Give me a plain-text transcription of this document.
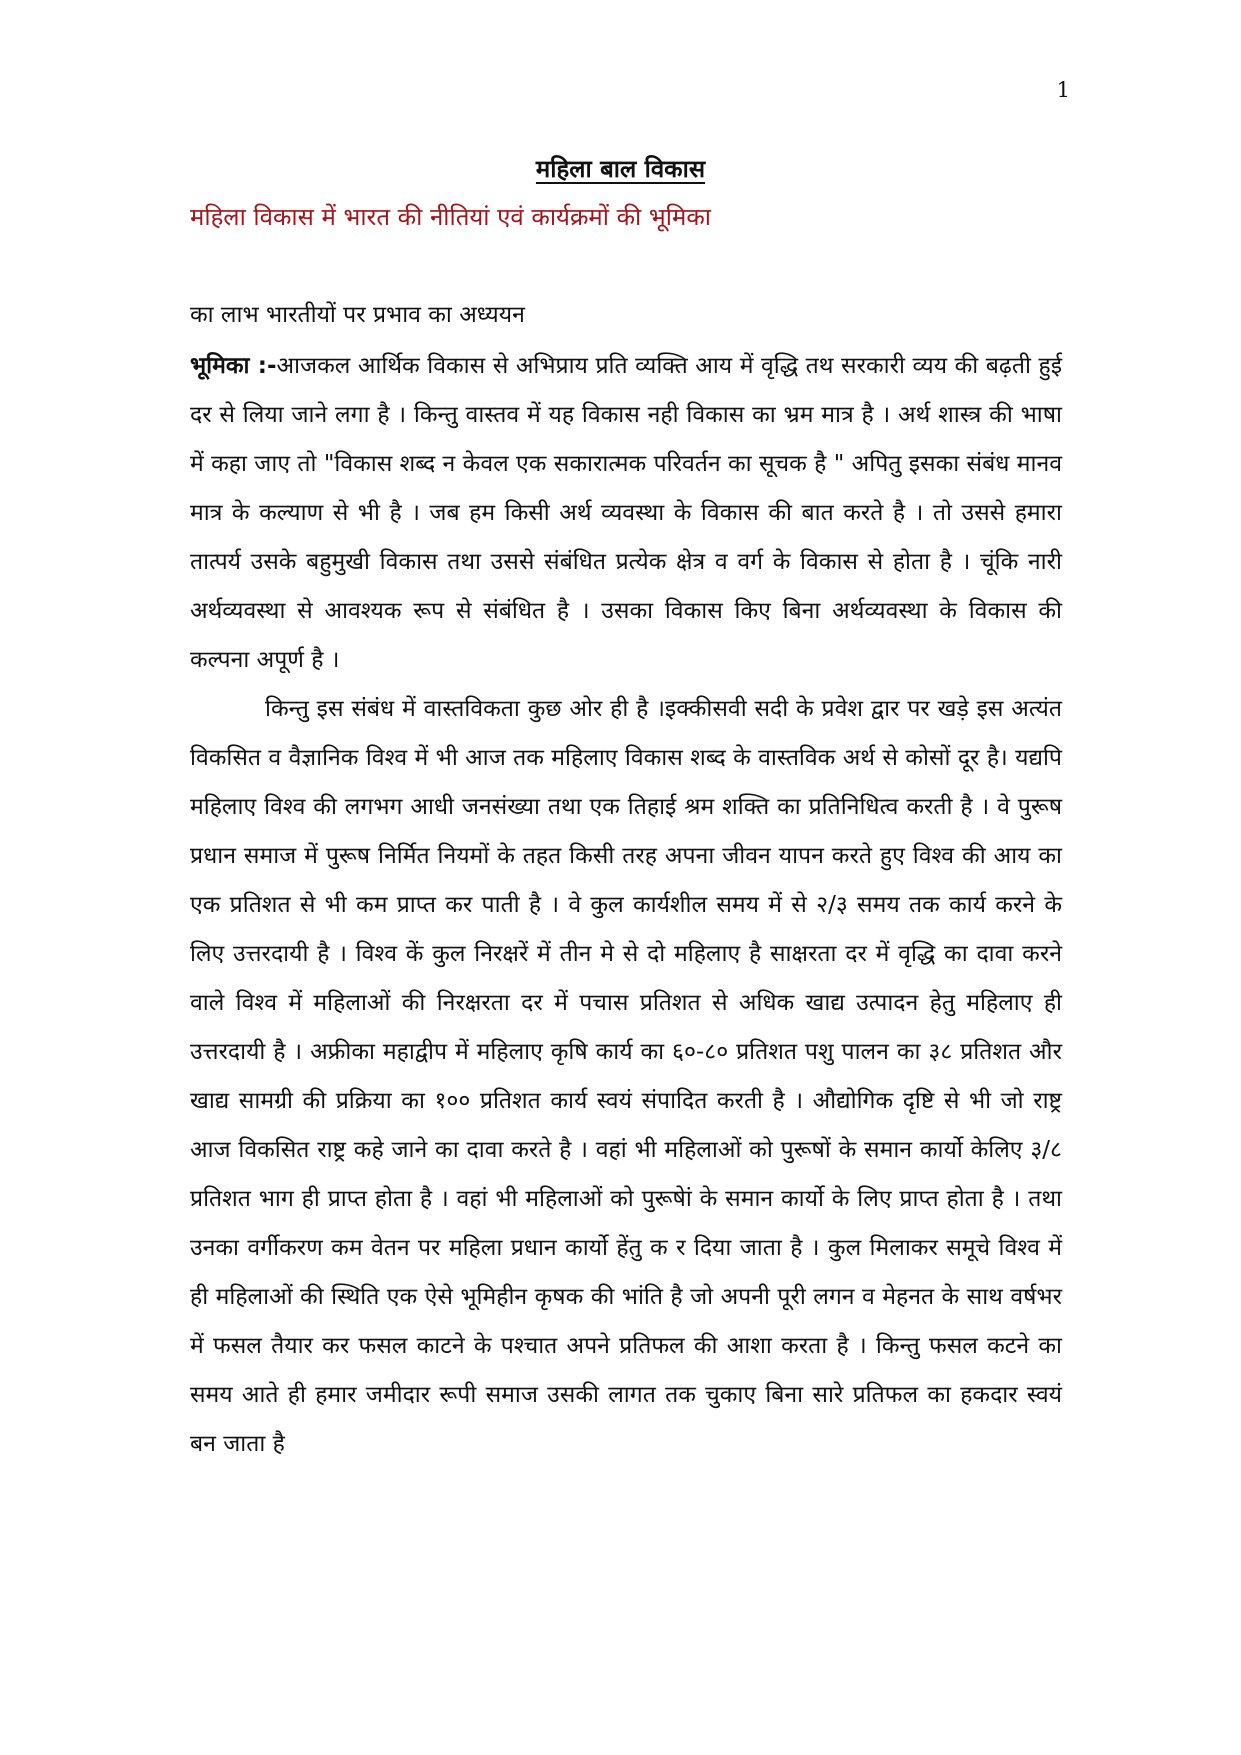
1
महिला बाल विकास
महिला विकास में भारत की नीतियां एवं कार्यक्रमों की भूमिका
का लाभ भारतीयों पर प्रभाव का अध्ययन

भूमिका :-आजकल आर्थिक विकास से अभिप्राय प्रति व्यक्ति आय में वृद्धि तथ सरकारी व्यय की बढ़ती हुई दर से लिया जाने लगा है । किन्तु वास्तव में यह विकास नही विकास का भ्रम मात्र है । अर्थ शास्त्र की भाषा में कहा जाए तो "विकास शब्द न केवल एक सकारात्मक परिवर्तन का सूचक है " अपितु इसका संबंध मानव मात्र के कल्याण से भी है । जब हम किसी अर्थ व्यवस्था के विकास की बात करते है । तो उससे हमारा तात्पर्य उसके बहुमुखी विकास तथा उससे संबंधित प्रत्येक क्षेत्र व वर्ग के विकास से होता है । चूंकि नारी अर्थव्यवस्था से आवश्यक रूप से संबंधित है । उसका विकास किए बिना अर्थव्यवस्था के विकास की कल्पना अपूर्ण है ।

किन्तु इस संबंध में वास्तविकता कुछ ओर ही है ।इक्कीसवी सदी के प्रवेश द्वार पर खड़े इस अत्यंत विकसित व वैज्ञानिक विश्व में भी आज तक महिलाए विकास शब्द के वास्तविक अर्थ से कोसों दूर है। यद्यपि महिलाए विश्व की लगभग आधी जनसंख्या तथा एक तिहाई श्रम शक्ति का प्रतिनिधित्व करती है । वे पुरूष प्रधान समाज में पुरूष निर्मित नियमों के तहत किसी तरह अपना जीवन यापन करते हुए विश्व की आय का एक प्रतिशत से भी कम प्राप्त कर पाती है । वे कुल कार्यशील समय में से २/३ समय तक कार्य करने के लिए उत्तरदायी है । विश्व कें कुल निरक्षरें में तीन मे से दो महिलाए है साक्षरता दर में वृद्धि का दावा करने वाले विश्व में महिलाओं की निरक्षरता दर में पचास प्रतिशत से अधिक खाद्य उत्पादन हेतु महिलाए ही उत्तरदायी है । अफ्रीका महाद्वीप में महिलाए कृषि कार्य का ६०-८० प्रतिशत पशु पालन का ३८ प्रतिशत और खाद्य सामग्री की प्रक्रिया का १०० प्रतिशत कार्य स्वयं संपादित करती है । औद्योगिक दृष्टि से भी जो राष्ट्र आज विकसित राष्ट्र कहे जाने का दावा करते है । वहां भी महिलाओं को पुरूषों के समान कार्यो केलिए ३/८ प्रतिशत भाग ही प्राप्त होता है । वहां भी महिलाओं को पुरूषेां के समान कार्यो के लिए प्राप्त होता है । तथा उनका वर्गीकरण कम वेतन पर महिला प्रधान कार्यो हेंतु क र दिया जाता है । कुल मिलाकर समूचे विश्व में ही महिलाओं की स्थिति एक ऐसे भूमिहीन कृषक की भांति है जो अपनी पूरी लगन व मेहनत के साथ वर्षभर में फसल तैयार कर फसल काटने के पश्चात अपने प्रतिफल की आशा करता है । किन्तु फसल कटने का समय आते ही हमार जमीदार रूपी समाज उसकी लागत तक चुकाए बिना सारे प्रतिफल का हकदार स्वयं बन जाता है
